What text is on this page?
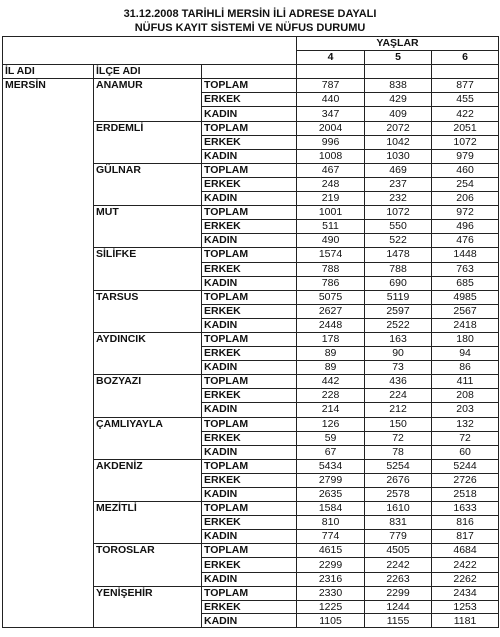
31.12.2008 TARİHLİ MERSİN İLİ ADRESE DAYALI
NÜFUS KAYIT SİSTEMİ VE NÜFUS DURUMU
			YAŞLAR		
			4	5	6
İL ADI	İLÇE ADI				
MERSİN	ANAMUR	TOPLAM	787	838	877
		ERKEK	440	429	455
		KADIN	347	409	422
	ERDEMLİ	TOPLAM	2004	2072	2051
		ERKEK	996	1042	1072
		KADIN	1008	1030	979
	GÜLNAR	TOPLAM	467	469	460
		ERKEK	248	237	254
		KADIN	219	232	206
	MUT	TOPLAM	1001	1072	972
		ERKEK	511	550	496
		KADIN	490	522	476
	SİLİFKE	TOPLAM	1574	1478	1448
		ERKEK	788	788	763
		KADIN	786	690	685
	TARSUS	TOPLAM	5075	5119	4985
		ERKEK	2627	2597	2567
		KADIN	2448	2522	2418
	AYDINCIK	TOPLAM	178	163	180
		ERKEK	89	90	94
		KADIN	89	73	86
	BOZYAZI	TOPLAM	442	436	411
		ERKEK	228	224	208
		KADIN	214	212	203
	ÇAMLIYAYLA	TOPLAM	126	150	132
		ERKEK	59	72	72
		KADIN	67	78	60
	AKDENİZ	TOPLAM	5434	5254	5244
		ERKEK	2799	2676	2726
		KADIN	2635	2578	2518
	MEZİTLİ	TOPLAM	1584	1610	1633
		ERKEK	810	831	816
		KADIN	774	779	817
	TOROSLAR	TOPLAM	4615	4505	4684
		ERKEK	2299	2242	2422
		KADIN	2316	2263	2262
	YENİŞEHİR	TOPLAM	2330	2299	2434
		ERKEK	1225	1244	1253
		KADIN	1105	1155	1181
